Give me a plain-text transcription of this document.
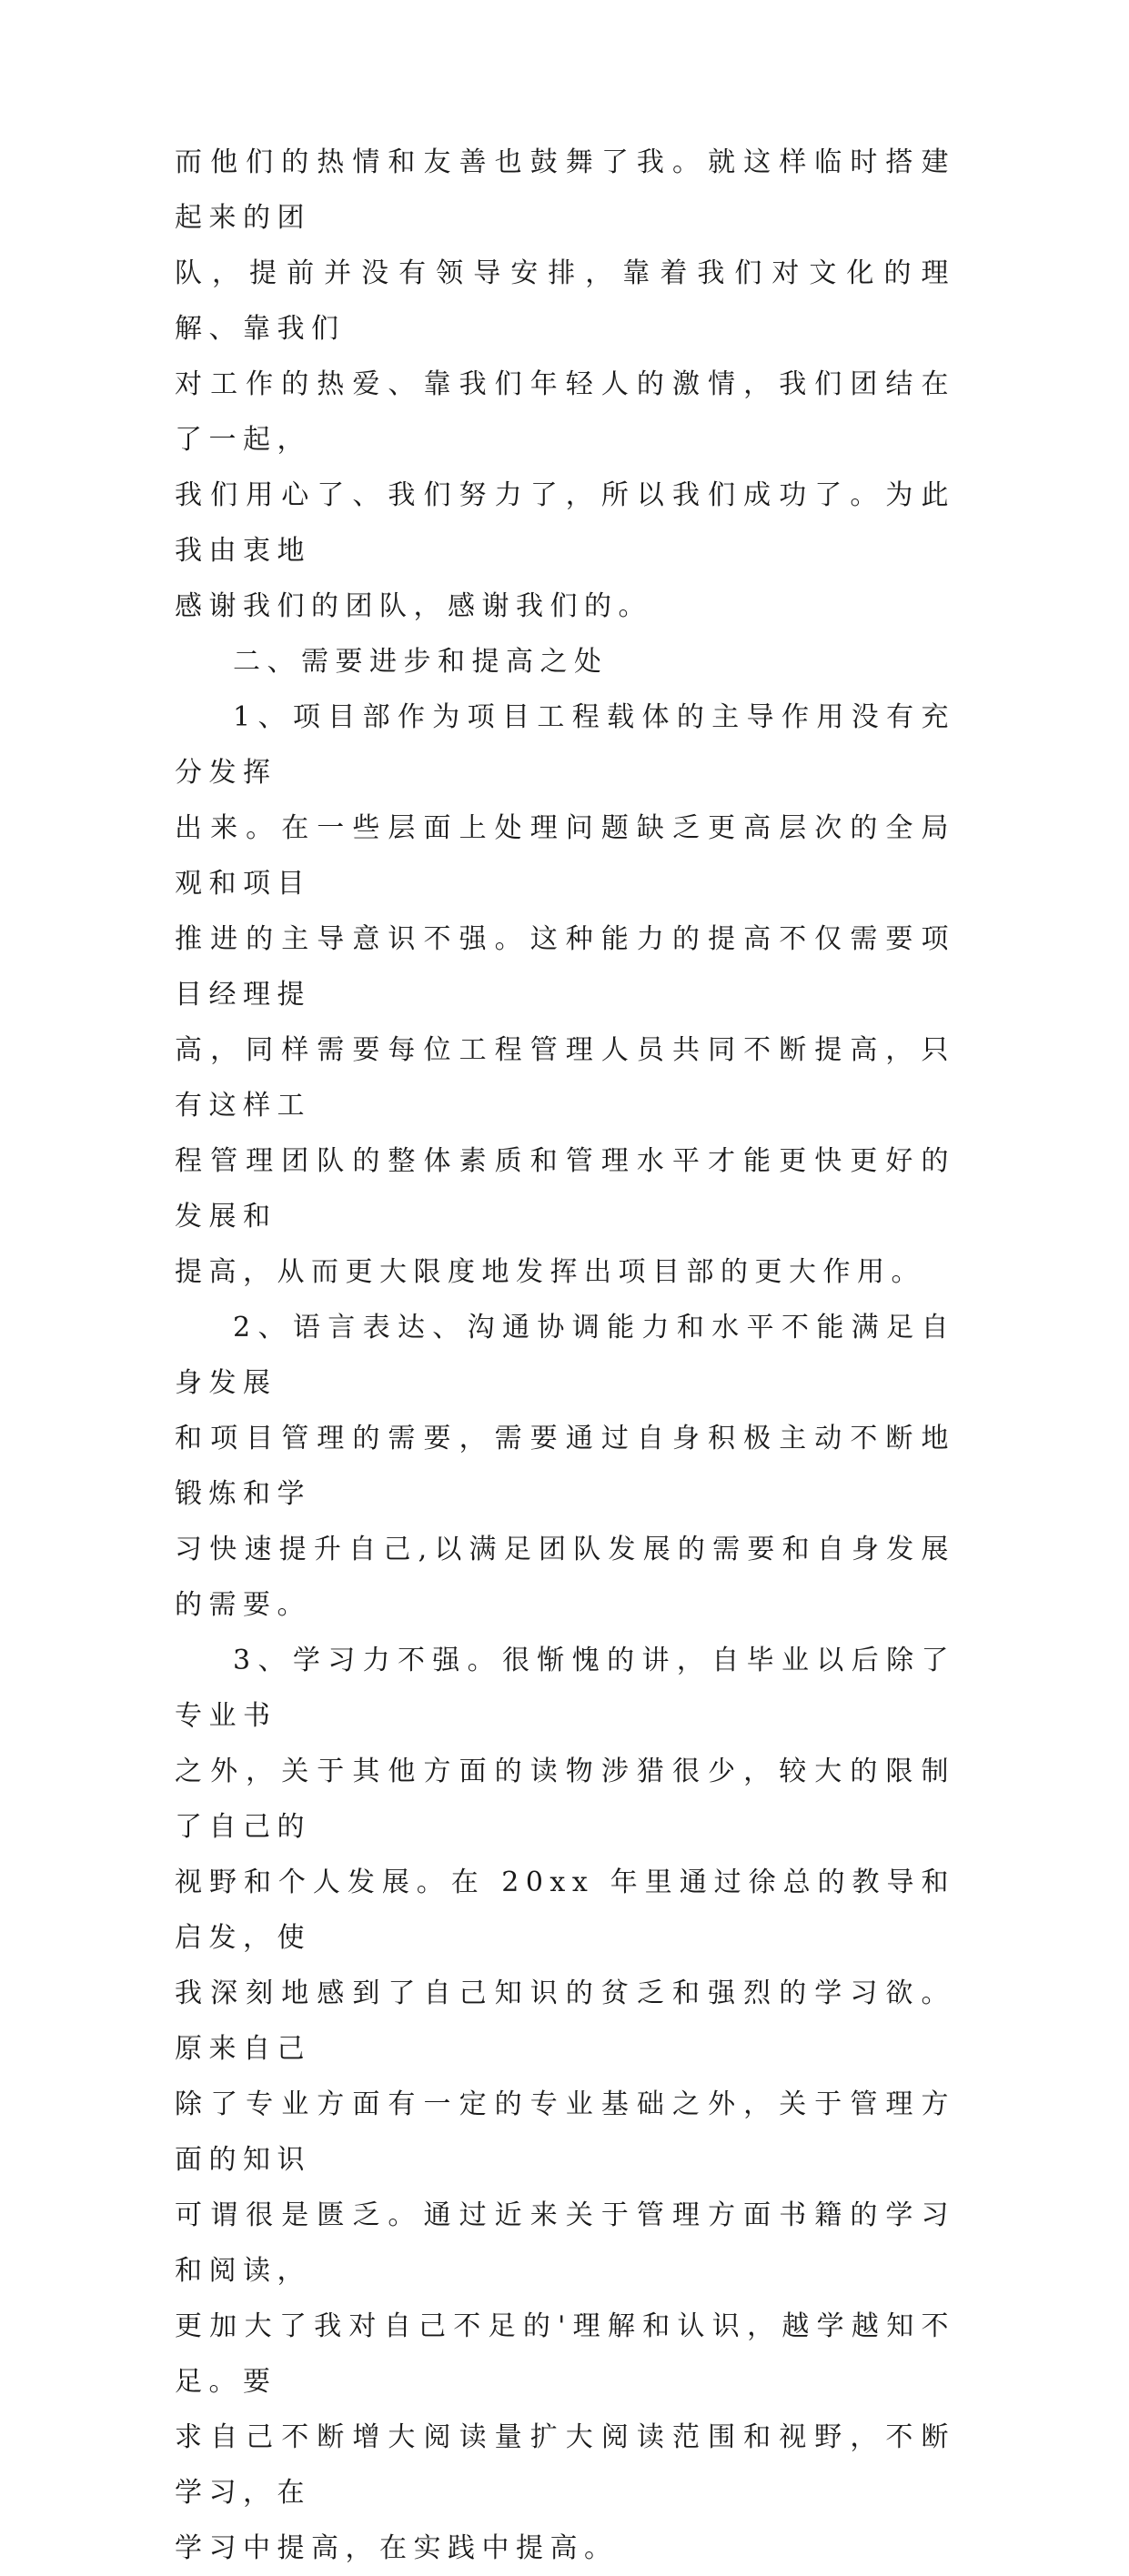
而他们的热情和友善也鼓舞了我。就这样临时搭建起来的团
队，提前并没有领导安排，靠着我们对文化的理解、靠我们
对工作的热爱、靠我们年轻人的激情，我们团结在了一起，
我们用心了、我们努力了，所以我们成功了。为此我由衷地
感谢我们的团队，感谢我们的。

二、需要进步和提高之处

1、项目部作为项目工程载体的主导作用没有充分发挥
出来。在一些层面上处理问题缺乏更高层次的全局观和项目
推进的主导意识不强。这种能力的提高不仅需要项目经理提
高，同样需要每位工程管理人员共同不断提高，只有这样工
程管理团队的整体素质和管理水平才能更快更好的发展和
提高，从而更大限度地发挥出项目部的更大作用。

2、语言表达、沟通协调能力和水平不能满足自身发展
和项目管理的需要，需要通过自身积极主动不断地锻炼和学
习快速提升自己,以满足团队发展的需要和自身发展的需要。

3、学习力不强。很惭愧的讲，自毕业以后除了专业书
之外，关于其他方面的读物涉猎很少，较大的限制了自己的
视野和个人发展。在 20xx 年里通过徐总的教导和启发，使
我深刻地感到了自己知识的贫乏和强烈的学习欲。原来自己
除了专业方面有一定的专业基础之外，关于管理方面的知识
可谓很是匮乏。通过近来关于管理方面书籍的学习和阅读，
更加大了我对自己不足的'理解和认识，越学越知不足。要
求自己不断增大阅读量扩大阅读范围和视野，不断学习，在
学习中提高，在实践中提高。
